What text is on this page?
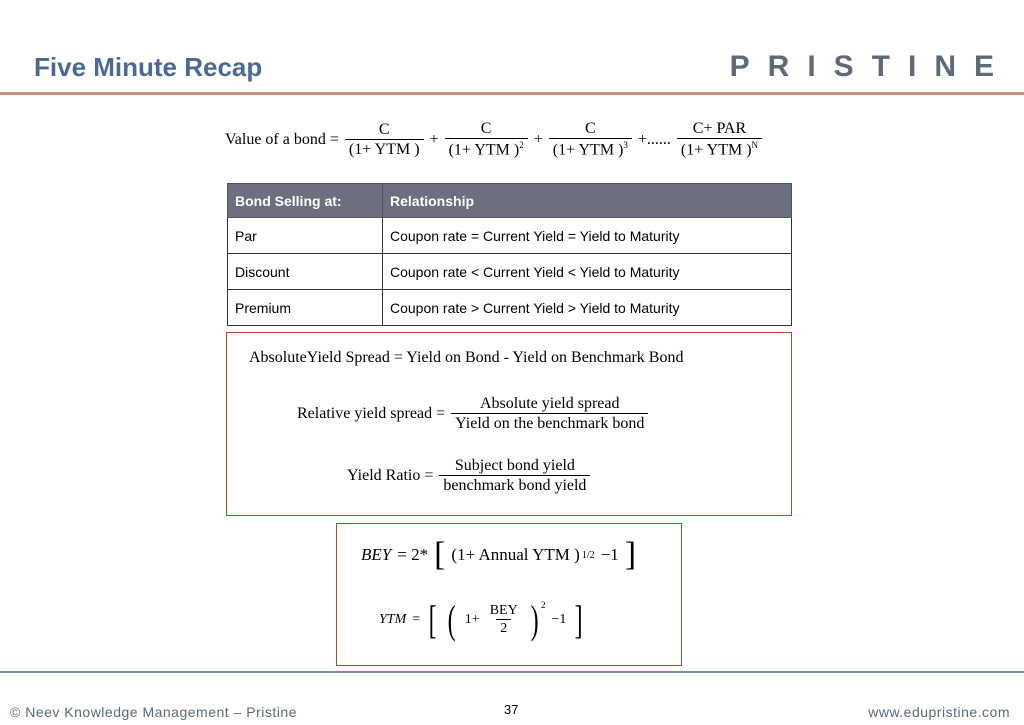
Five Minute Recap	PRISTINE
Value of a bond = $\frac{C}{\text{(1+ YTM )}} + \frac{C}{(1+ YTM )^2} + \frac{C}{(1+ YTM )^3}$ +...... $\frac{\text{C+ PAR}}{(1+ YTM )^N}$
Bond Selling at:	Relationship
Par	Coupon rate = Current Yield = Yield to Maturity
Discount	Coupon rate < Current Yield < Yield to Maturity
Premium	Coupon rate > Current Yield > Yield to Maturity
AbsoluteYield Spread = Yield on Bond - Yield on Benchmark Bond
Relative yield spread = $\frac{\text{Absolute yield spread}}{\text{Yield on the benchmark bond}}$
Yield Ratio = $\frac{\text{Subject bond yield}}{\text{benchmark bond yield}}$
BEY = 2* [ (1+ Annual YTM ) 1/2 −1 ]
YTM = [ ( $1+ \frac{\text{BEY}}{2}$ ) $^2$
−1 ]
© Neev Knowledge Management – Pristine	37	www.edupristine.com
